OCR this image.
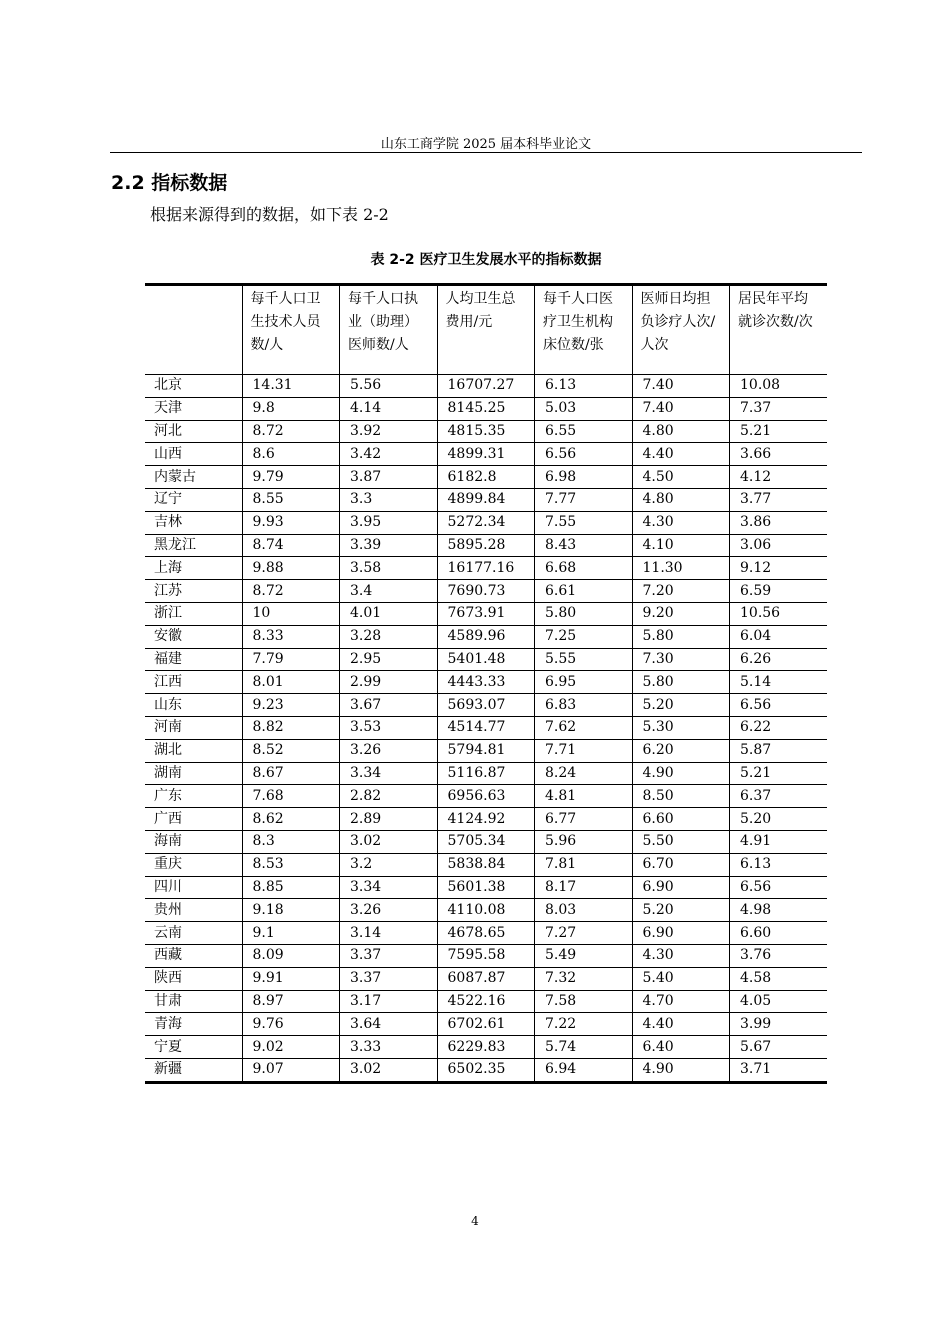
山东工商学院 2025 届本科毕业论文
2.2 指标数据
根据来源得到的数据，如下表 2-2
表 2-2 医疗卫生发展水平的指标数据
	每千人口卫生技术人员数/人	每千人口执业（助理）医师数/人	人均卫生总费用/元	每千人口医疗卫生机构床位数/张	医师日均担负诊疗人次/人次	居民年平均就诊次数/次
北京	14.31	5.56	16707.27	6.13	7.40	10.08
天津	9.8	4.14	8145.25	5.03	7.40	7.37
河北	8.72	3.92	4815.35	6.55	4.80	5.21
山西	8.6	3.42	4899.31	6.56	4.40	3.66
内蒙古	9.79	3.87	6182.8	6.98	4.50	4.12
辽宁	8.55	3.3	4899.84	7.77	4.80	3.77
吉林	9.93	3.95	5272.34	7.55	4.30	3.86
黑龙江	8.74	3.39	5895.28	8.43	4.10	3.06
上海	9.88	3.58	16177.16	6.68	11.30	9.12
江苏	8.72	3.4	7690.73	6.61	7.20	6.59
浙江	10	4.01	7673.91	5.80	9.20	10.56
安徽	8.33	3.28	4589.96	7.25	5.80	6.04
福建	7.79	2.95	5401.48	5.55	7.30	6.26
江西	8.01	2.99	4443.33	6.95	5.80	5.14
山东	9.23	3.67	5693.07	6.83	5.20	6.56
河南	8.82	3.53	4514.77	7.62	5.30	6.22
湖北	8.52	3.26	5794.81	7.71	6.20	5.87
湖南	8.67	3.34	5116.87	8.24	4.90	5.21
广东	7.68	2.82	6956.63	4.81	8.50	6.37
广西	8.62	2.89	4124.92	6.77	6.60	5.20
海南	8.3	3.02	5705.34	5.96	5.50	4.91
重庆	8.53	3.2	5838.84	7.81	6.70	6.13
四川	8.85	3.34	5601.38	8.17	6.90	6.56
贵州	9.18	3.26	4110.08	8.03	5.20	4.98
云南	9.1	3.14	4678.65	7.27	6.90	6.60
西藏	8.09	3.37	7595.58	5.49	4.30	3.76
陕西	9.91	3.37	6087.87	7.32	5.40	4.58
甘肃	8.97	3.17	4522.16	7.58	4.70	4.05
青海	9.76	3.64	6702.61	7.22	4.40	3.99
宁夏	9.02	3.33	6229.83	5.74	6.40	5.67
新疆	9.07	3.02	6502.35	6.94	4.90	3.71
4
